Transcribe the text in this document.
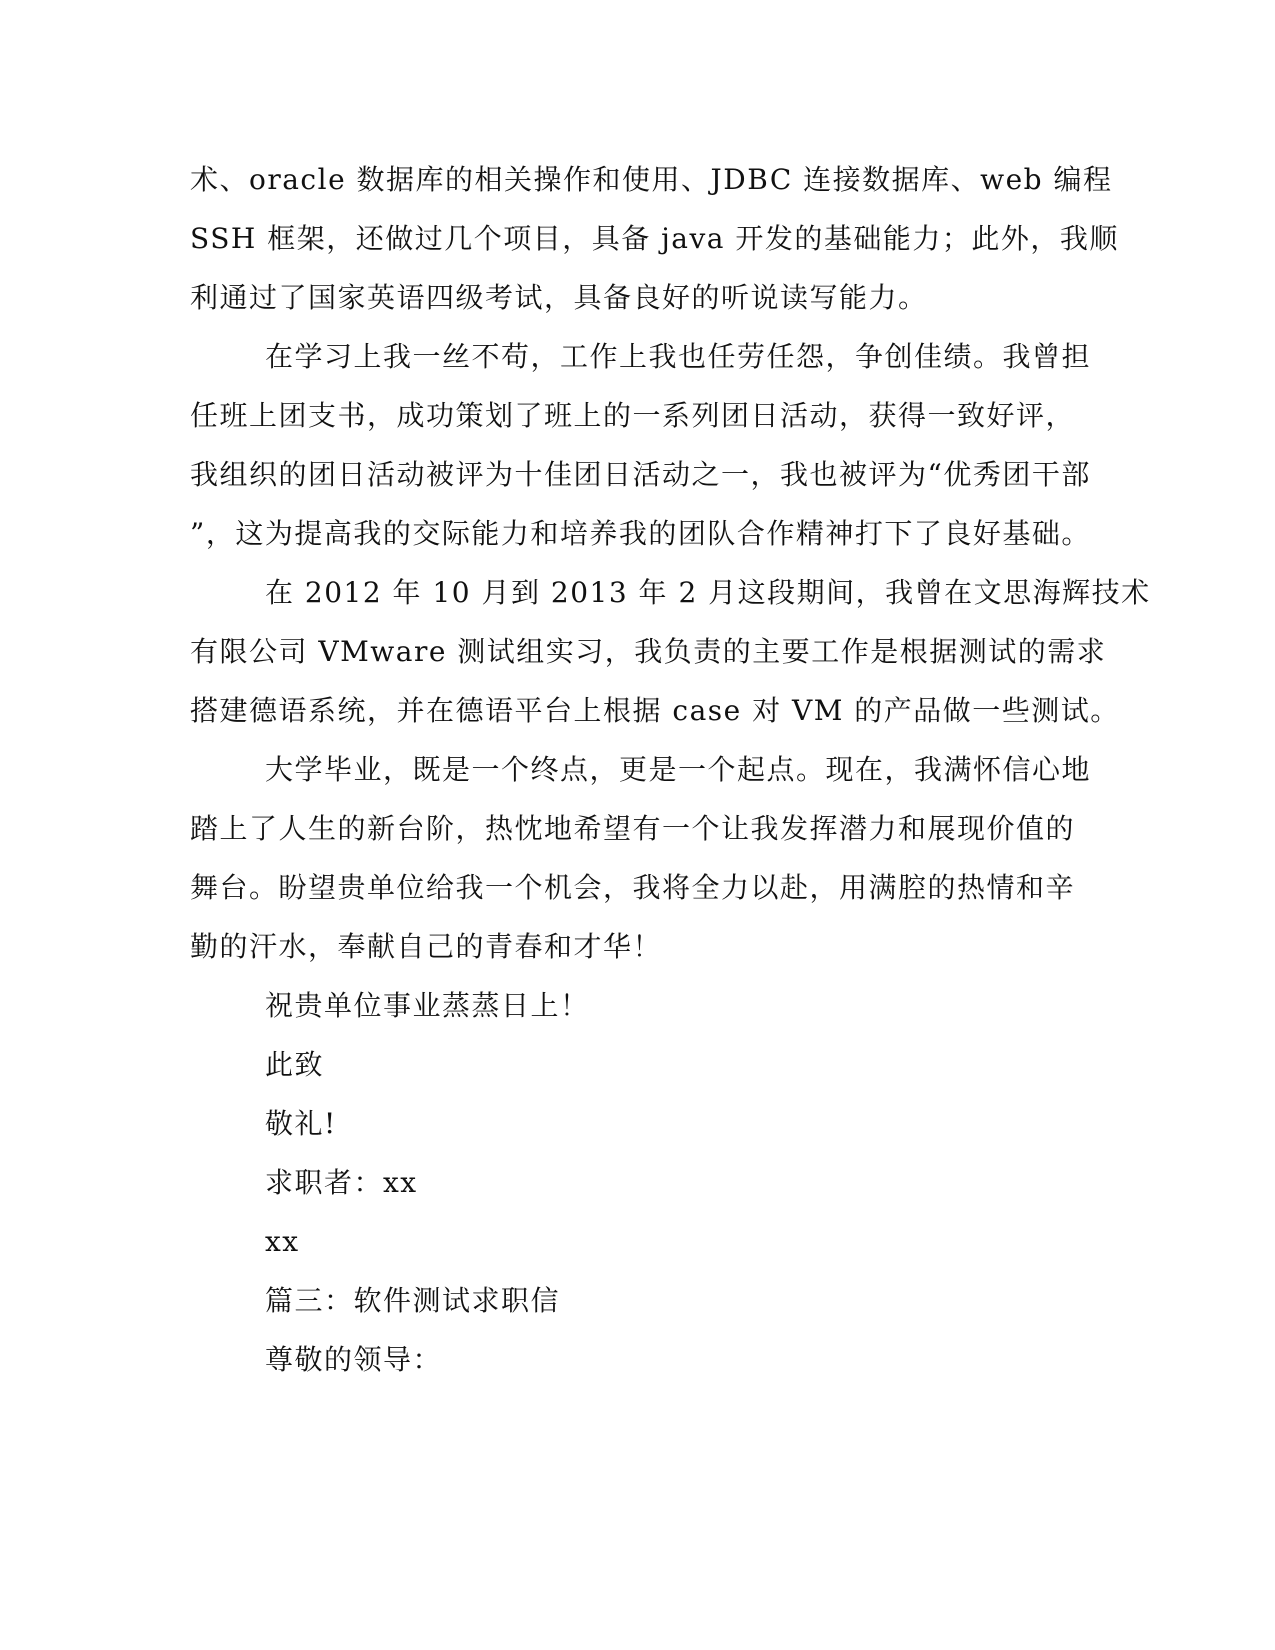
术、oracle 数据库的相关操作和使用、JDBC 连接数据库、web 编程
SSH 框架，还做过几个项目，具备 java 开发的基础能力；此外，我顺
利通过了国家英语四级考试，具备良好的听说读写能力。
在学习上我一丝不苟，工作上我也任劳任怨，争创佳绩。我曾担
任班上团支书，成功策划了班上的一系列团日活动，获得一致好评，
我组织的团日活动被评为十佳团日活动之一，我也被评为“优秀团干部
”，这为提高我的交际能力和培养我的团队合作精神打下了良好基础。
在 2012 年 10 月到 2013 年 2 月这段期间，我曾在文思海辉技术
有限公司 VMware 测试组实习，我负责的主要工作是根据测试的需求
搭建德语系统，并在德语平台上根据 case 对 VM 的产品做一些测试。
大学毕业，既是一个终点，更是一个起点。现在，我满怀信心地
踏上了人生的新台阶，热忱地希望有一个让我发挥潜力和展现价值的
舞台。盼望贵单位给我一个机会，我将全力以赴，用满腔的热情和辛
勤的汗水，奉献自己的青春和才华！
祝贵单位事业蒸蒸日上！
此致
敬礼!
求职者：xx
xx
篇三：软件测试求职信
尊敬的领导：
